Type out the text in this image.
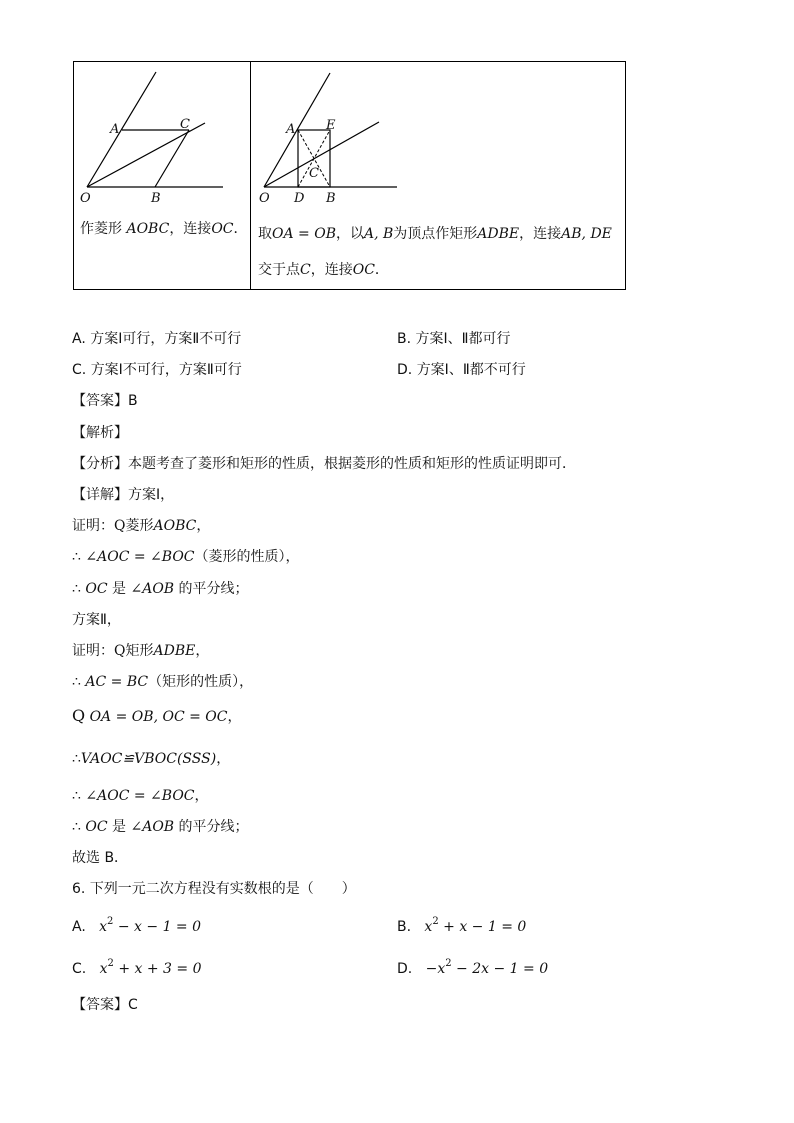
A	C
O	B
A E
C
O D B
作菱形 AOBC，连接OC． 取OA = OB，以A, B为顶点作矩形ADBE，连接AB, DE
交于点C，连接OC．
A. 方案Ⅰ可行，方案Ⅱ不可行	B. 方案Ⅰ、Ⅱ都可行
C. 方案Ⅰ不可行，方案Ⅱ可行	D. 方案Ⅰ、Ⅱ都不可行
【答案】B
【解析】
【分析】本题考查了菱形和矩形的性质，根据菱形的性质和矩形的性质证明即可．
【详解】方案Ⅰ，
证明：Q菱形AOBC，
∴ ∠AOC = ∠BOC（菱形的性质），
∴ OC 是 ∠AOB 的平分线；
方案Ⅱ，
证明：Q矩形ADBE，
∴ AC = BC（矩形的性质），
Q OA = OB, OC = OC，
∴VAOC≌VBOC(SSS)，
∴ ∠AOC = ∠BOC，
∴ OC 是 ∠AOB 的平分线；
故选 B．
6. 下列一元二次方程没有实数根的是（　　）
A. $x^2 - x - 1 = 0$	B. $x^2 + x - 1 = 0$
C. $x^2 + x + 3 = 0$	D. $-x^2 - 2x - 1 = 0$
【答案】C
